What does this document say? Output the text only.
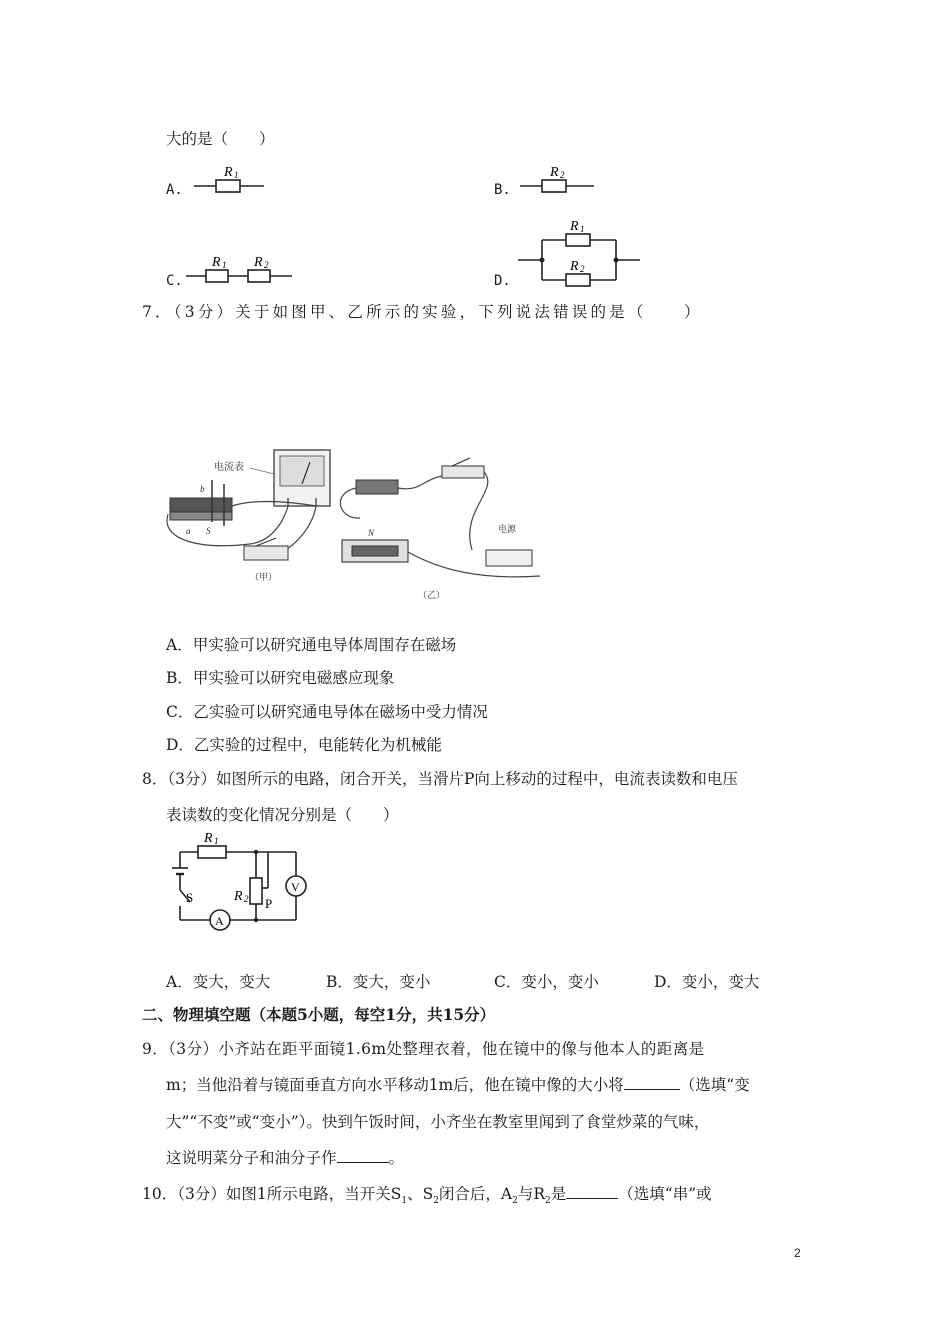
大的是（　　）
A.
R 1
B.
R 2
C.
R 1 R 2
D.
R 1
R 2
7．（3分）关于如图甲、乙所示的实验，下列说法错误的是（　　）
电流表
b
a S
（甲）
N	电源
（乙）
A．甲实验可以研究通电导体周围存在磁场
B．甲实验可以研究电磁感应现象
C．乙实验可以研究通电导体在磁场中受力情况
D．乙实验的过程中，电能转化为机械能
8．（3分）如图所示的电路，闭合开关，当滑片P向上移动的过程中，电流表读数和电压
表读数的变化情况分别是（　　）
R 1
S
A
R 2 P
V
A．变大，变大	B．变大，变小	C．变小，变小	D．变小，变大
二、物理填空题（本题5小题，每空1分，共15分）
9．（3分）小齐站在距平面镜1.6m处整理衣着，他在镜中的像与他本人的距离是
m；当他沿着与镜面垂直方向水平移动1m后，他在镜中像的大小将	（选填“变
大”“不变”或“变小”）。快到午饭时间，小齐坐在教室里闻到了食堂炒菜的气味，
这说明菜分子和油分子作	。
10．（3分）如图1所示电路，当开关$S_1$、$S_2$闭合后，$A_2$与$R_2$是	（选填“串”或
2
